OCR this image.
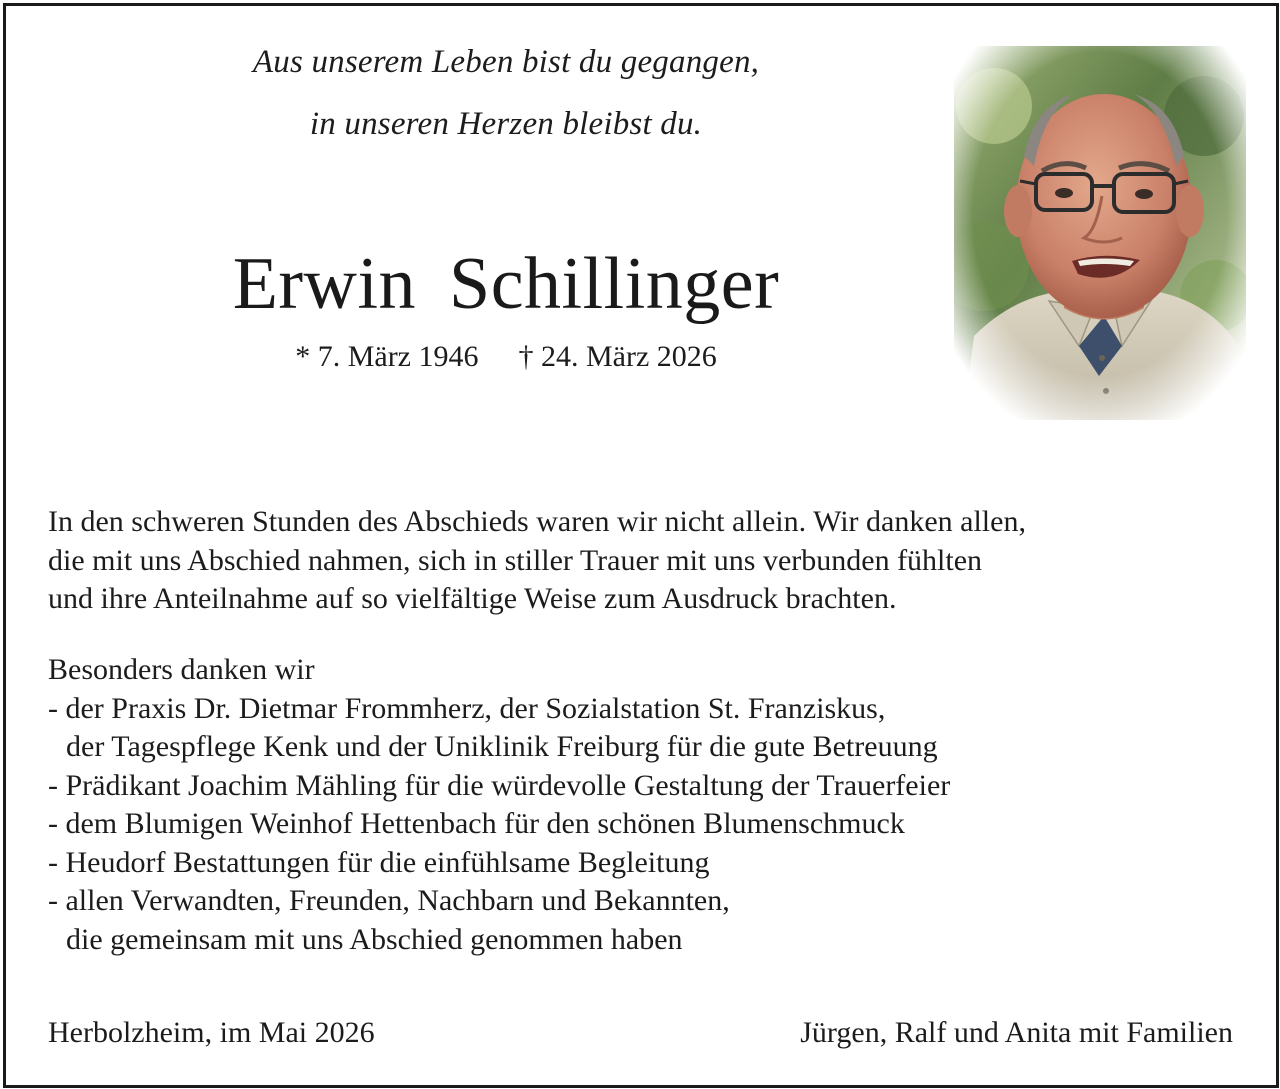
Aus unserem Leben bist du gegangen,
in unseren Herzen bleibst du.
Erwin Schillinger
* 7. März 1946 † 24. März 2026
In den schweren Stunden des Abschieds waren wir nicht allein. Wir danken allen,
die mit uns Abschied nahmen, sich in stiller Trauer mit uns verbunden fühlten
und ihre Anteilnahme auf so vielfältige Weise zum Ausdruck brachten.
Besonders danken wir
- der Praxis Dr. Dietmar Frommherz, der Sozialstation St. Franziskus,
der Tagespflege Kenk und der Uniklinik Freiburg für die gute Betreuung
- Prädikant Joachim Mähling für die würdevolle Gestaltung der Trauerfeier
- dem Blumigen Weinhof Hettenbach für den schönen Blumenschmuck
- Heudorf Bestattungen für die einfühlsame Begleitung
- allen Verwandten, Freunden, Nachbarn und Bekannten,
die gemeinsam mit uns Abschied genommen haben
Herbolzheim, im Mai 2026	Jürgen, Ralf und Anita mit Familien
